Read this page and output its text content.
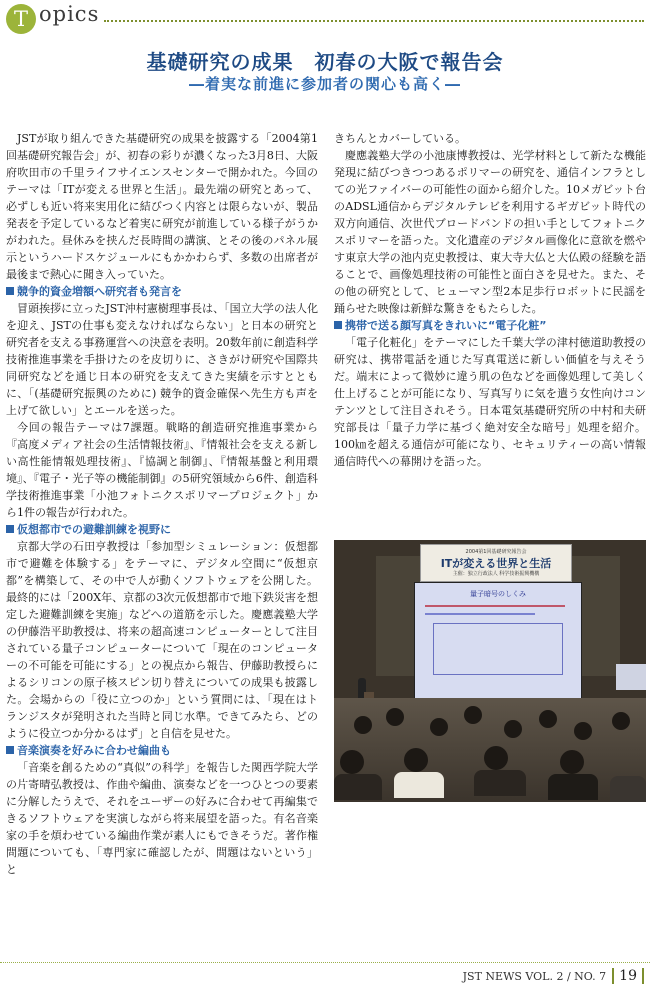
T opics
基礎研究の成果　初春の大阪で報告会
―着実な前進に参加者の関心も高く―

JSTが取り組んできた基礎研究の成果を披露する「2004第1回基礎研究報告会」が、初春の彩りが濃くなった3月8日、大阪府吹田市の千里ライフサイエンスセンターで開かれた。今回のテーマは「ITが変える世界と生活」。最先端の研究とあって、必ずしも近い将来実用化に結びつく内容とは限らないが、製品発表を予定しているなど着実に研究が前進している様子がうかがわれた。昼休みを挟んだ長時間の講演、とその後のパネル展示というハードスケジュールにもかかわらず、多数の出席者が最後まで熱心に聞き入っていた。

競争的資金増額へ研究者も発言を

冒頭挨拶に立ったJST沖村憲樹理事長は、「国立大学の法人化を迎え、JSTの仕事も変えなければならない」と日本の研究と研究者を支える事務運営への決意を表明。20数年前に創造科学技術推進事業を手掛けたのを皮切りに、さきがけ研究や国際共同研究などを通じ日本の研究を支えてきた実績を示すとともに、「(基礎研究振興のために) 競争的資金確保へ先生方も声を上げて欲しい」とエールを送った。

今回の報告テーマは7課題。戦略的創造研究推進事業から『高度メディア社会の生活情報技術』、『情報社会を支える新しい高性能情報処理技術』、『協調と制御』、『情報基盤と利用環境』、『電子・光子等の機能制御』の5研究領域から6件、創造科学技術推進事業「小池フォトニクスポリマープロジェクト」から1件の報告が行われた。

仮想都市での避難訓練を視野に

京都大学の石田亨教授は「参加型シミュレーション：仮想都市で避難を体験する」をテーマに、デジタル空間に“仮想京都”を構築して、その中で人が動くソフトウェアを公開した。最終的には「200X年、京都の3次元仮想都市で地下鉄災害を想定した避難訓練を実施」などへの道筋を示した。慶應義塾大学の伊藤浩平助教授は、将来の超高速コンピューターとして注目されている量子コンピューターについて「現在のコンピューターの不可能を可能にする」との視点から報告、伊藤助教授らによるシリコンの原子核スピン切り替えについての成果も披露した。会場からの「役に立つのか」という質問には、「現在はトランジスタが発明された当時と同じ水準。できてみたら、どのように役立つか分かるはず」と自信を見せた。

音楽演奏を好みに合わせ編曲も

「音楽を創るための“真似”の科学」を報告した関西学院大学の片寄晴弘教授は、作曲や編曲、演奏などを一つひとつの要素に分解したうえで、それをユーザーの好みに合わせて再編集できるソフトウェアを実演しながら将来展望を語った。有名音楽家の手を煩わせている編曲作業が素人にもできそうだ。著作権問題についても、「専門家に確認したが、問題はないという」と

きちんとカバーしている。

慶應義塾大学の小池康博教授は、光学材料として新たな機能発現に結びつきつつあるポリマーの研究を、通信インフラとしての光ファイバーの可能性の面から紹介した。10メガビット台のADSL通信からデジタルテレビを利用するギガビット時代の双方向通信、次世代ブロードバンドの担い手としてフォトニクスポリマーを語った。文化遺産のデジタル画像化に意欲を燃やす東京大学の池内克史教授は、東大寺大仏と大仏殿の経験を語ることで、画像処理技術の可能性と面白さを見せた。また、その他の研究として、ヒューマン型2本足歩行ロボットに民謡を踊らせた映像は新鮮な驚きをもたらした。

携帯で送る顔写真をきれいに“電子化粧”

「電子化粧化」をテーマにした千葉大学の津村徳道助教授の研究は、携帯電話を通じた写真電送に新しい価値を与えそうだ。端末によって微妙に違う肌の色などを画像処理して美しく仕上げることが可能になり、写真写りに気を遣う女性向けコンテンツとして注目されそう。日本電気基礎研究所の中村和夫研究部長は「量子力学に基づく絶対安全な暗号」処理を紹介。100㎞を超える通信が可能になり、セキュリティーの高い情報通信時代への幕開けを語った。

2004第1回基礎研究報告会
ITが変える世界と生活
主催：独立行政法人 科学技術振興機構
量子暗号のしくみ
JST NEWS VOL. 2 / NO. 7 19
